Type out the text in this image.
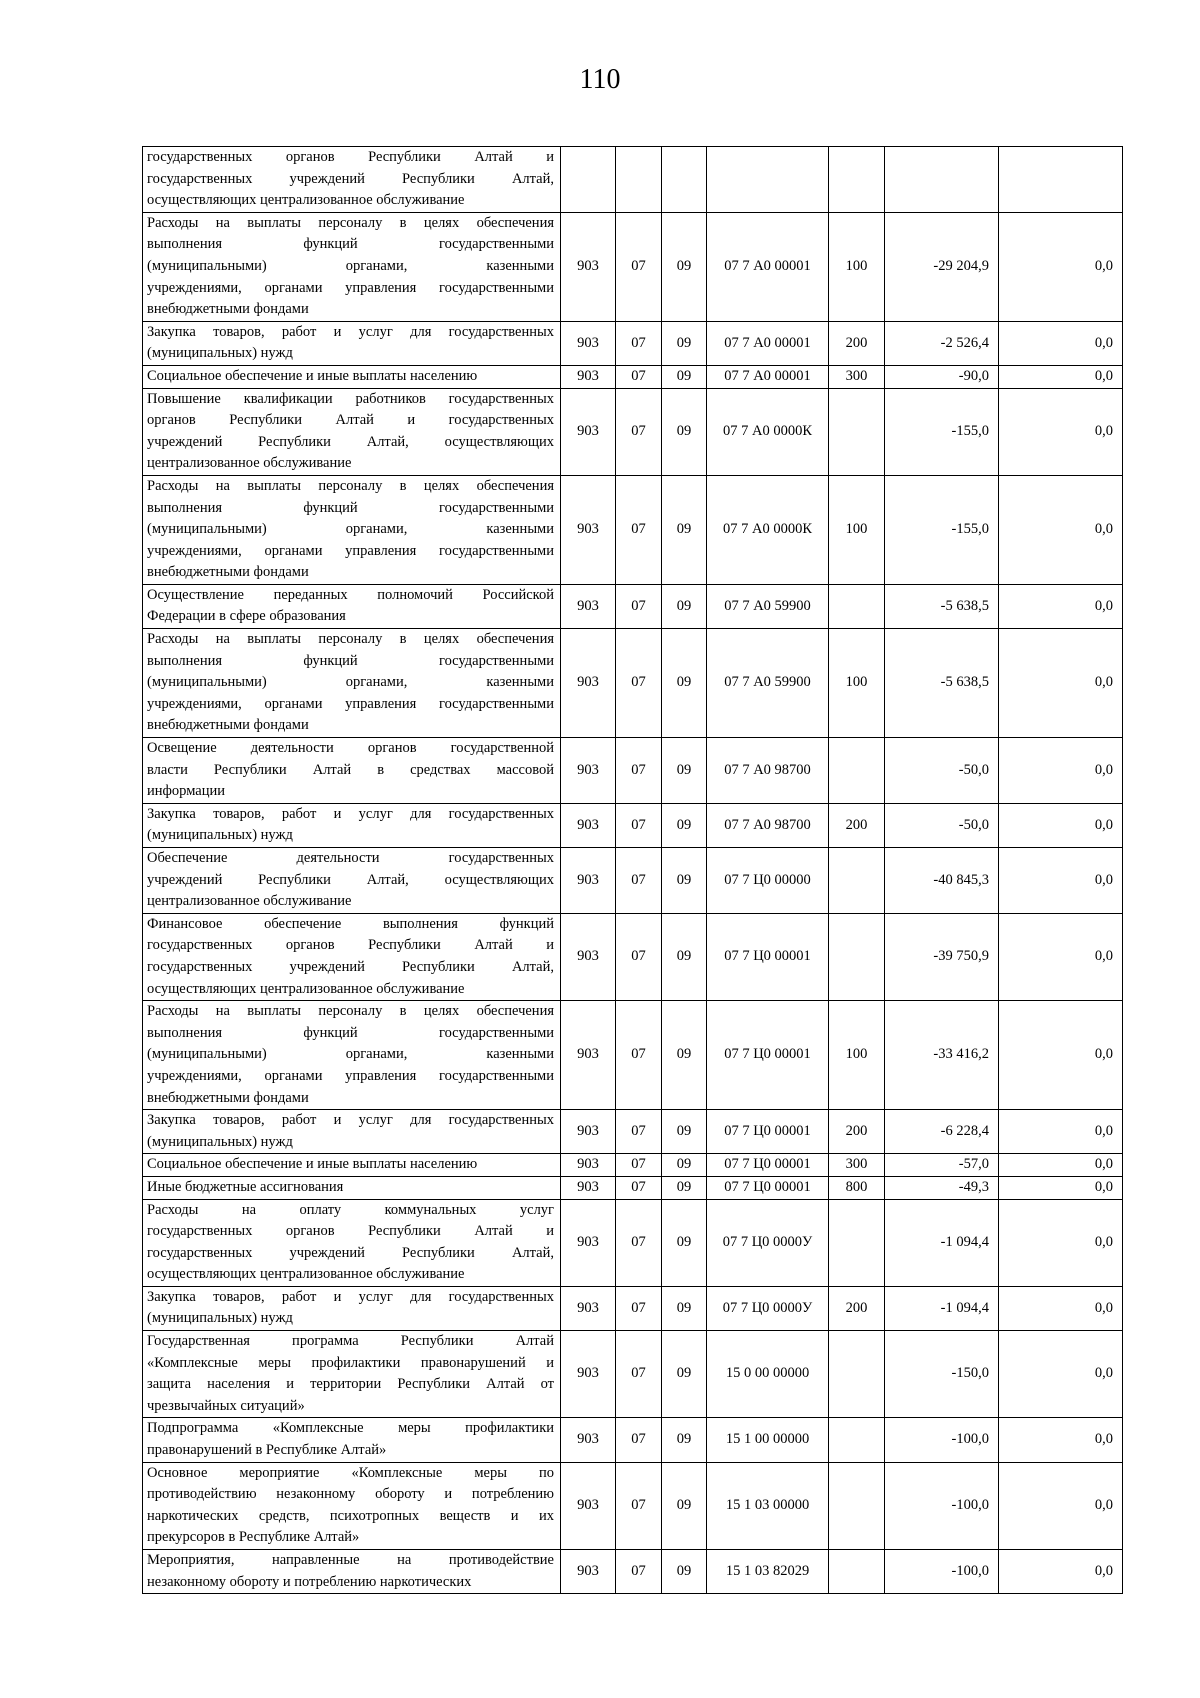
110
государственных органов Республики Алтай и
государственных учреждений Республики Алтай,
осуществляющих централизованное обслуживание							

Расходы на выплаты персоналу в целях обеспечения
выполнения функций государственными
(муниципальными) органами, казенными
учреждениями, органами управления государственными
внебюджетными фондами	903	07	09	07 7 А0 00001	100	-29 204,9	0,0

Закупка товаров, работ и услуг для государственных
(муниципальных) нужд	903	07	09	07 7 А0 00001	200	-2 526,4	0,0

Социальное обеспечение и иные выплаты населению	903	07	09	07 7 А0 00001	300	-90,0	0,0

Повышение квалификации работников государственных
органов Республики Алтай и государственных
учреждений Республики Алтай, осуществляющих
централизованное обслуживание	903	07	09	07 7 А0 0000К		-155,0	0,0

Расходы на выплаты персоналу в целях обеспечения
выполнения функций государственными
(муниципальными) органами, казенными
учреждениями, органами управления государственными
внебюджетными фондами	903	07	09	07 7 А0 0000К	100	-155,0	0,0

Осуществление переданных полномочий Российской
Федерации в сфере образования	903	07	09	07 7 А0 59900		-5 638,5	0,0

Расходы на выплаты персоналу в целях обеспечения
выполнения функций государственными
(муниципальными) органами, казенными
учреждениями, органами управления государственными
внебюджетными фондами	903	07	09	07 7 А0 59900	100	-5 638,5	0,0

Освещение деятельности органов государственной
власти Республики Алтай в средствах массовой
информации	903	07	09	07 7 А0 98700		-50,0	0,0

Закупка товаров, работ и услуг для государственных
(муниципальных) нужд	903	07	09	07 7 А0 98700	200	-50,0	0,0

Обеспечение деятельности государственных
учреждений Республики Алтай, осуществляющих
централизованное обслуживание	903	07	09	07 7 Ц0 00000		-40 845,3	0,0

Финансовое обеспечение выполнения функций
государственных органов Республики Алтай и
государственных учреждений Республики Алтай,
осуществляющих централизованное обслуживание	903	07	09	07 7 Ц0 00001		-39 750,9	0,0

Расходы на выплаты персоналу в целях обеспечения
выполнения функций государственными
(муниципальными) органами, казенными
учреждениями, органами управления государственными
внебюджетными фондами	903	07	09	07 7 Ц0 00001	100	-33 416,2	0,0

Закупка товаров, работ и услуг для государственных
(муниципальных) нужд	903	07	09	07 7 Ц0 00001	200	-6 228,4	0,0

Социальное обеспечение и иные выплаты населению	903	07	09	07 7 Ц0 00001	300	-57,0	0,0

Иные бюджетные ассигнования	903	07	09	07 7 Ц0 00001	800	-49,3	0,0

Расходы на оплату коммунальных услуг
государственных органов Республики Алтай и
государственных учреждений Республики Алтай,
осуществляющих централизованное обслуживание	903	07	09	07 7 Ц0 0000У		-1 094,4	0,0

Закупка товаров, работ и услуг для государственных
(муниципальных) нужд	903	07	09	07 7 Ц0 0000У	200	-1 094,4	0,0

Государственная программа Республики Алтай
«Комплексные меры профилактики правонарушений и
защита населения и территории Республики Алтай от
чрезвычайных ситуаций»	903	07	09	15 0 00 00000		-150,0	0,0

Подпрограмма «Комплексные меры профилактики
правонарушений в Республике Алтай»	903	07	09	15 1 00 00000		-100,0	0,0

Основное мероприятие «Комплексные меры по
противодействию незаконному обороту и потреблению
наркотических средств, психотропных веществ и их
прекурсоров в Республике Алтай»	903	07	09	15 1 03 00000		-100,0	0,0

Мероприятия, направленные на противодействие
незаконному обороту и потреблению наркотических	903	07	09	15 1 03 82029		-100,0	0,0
